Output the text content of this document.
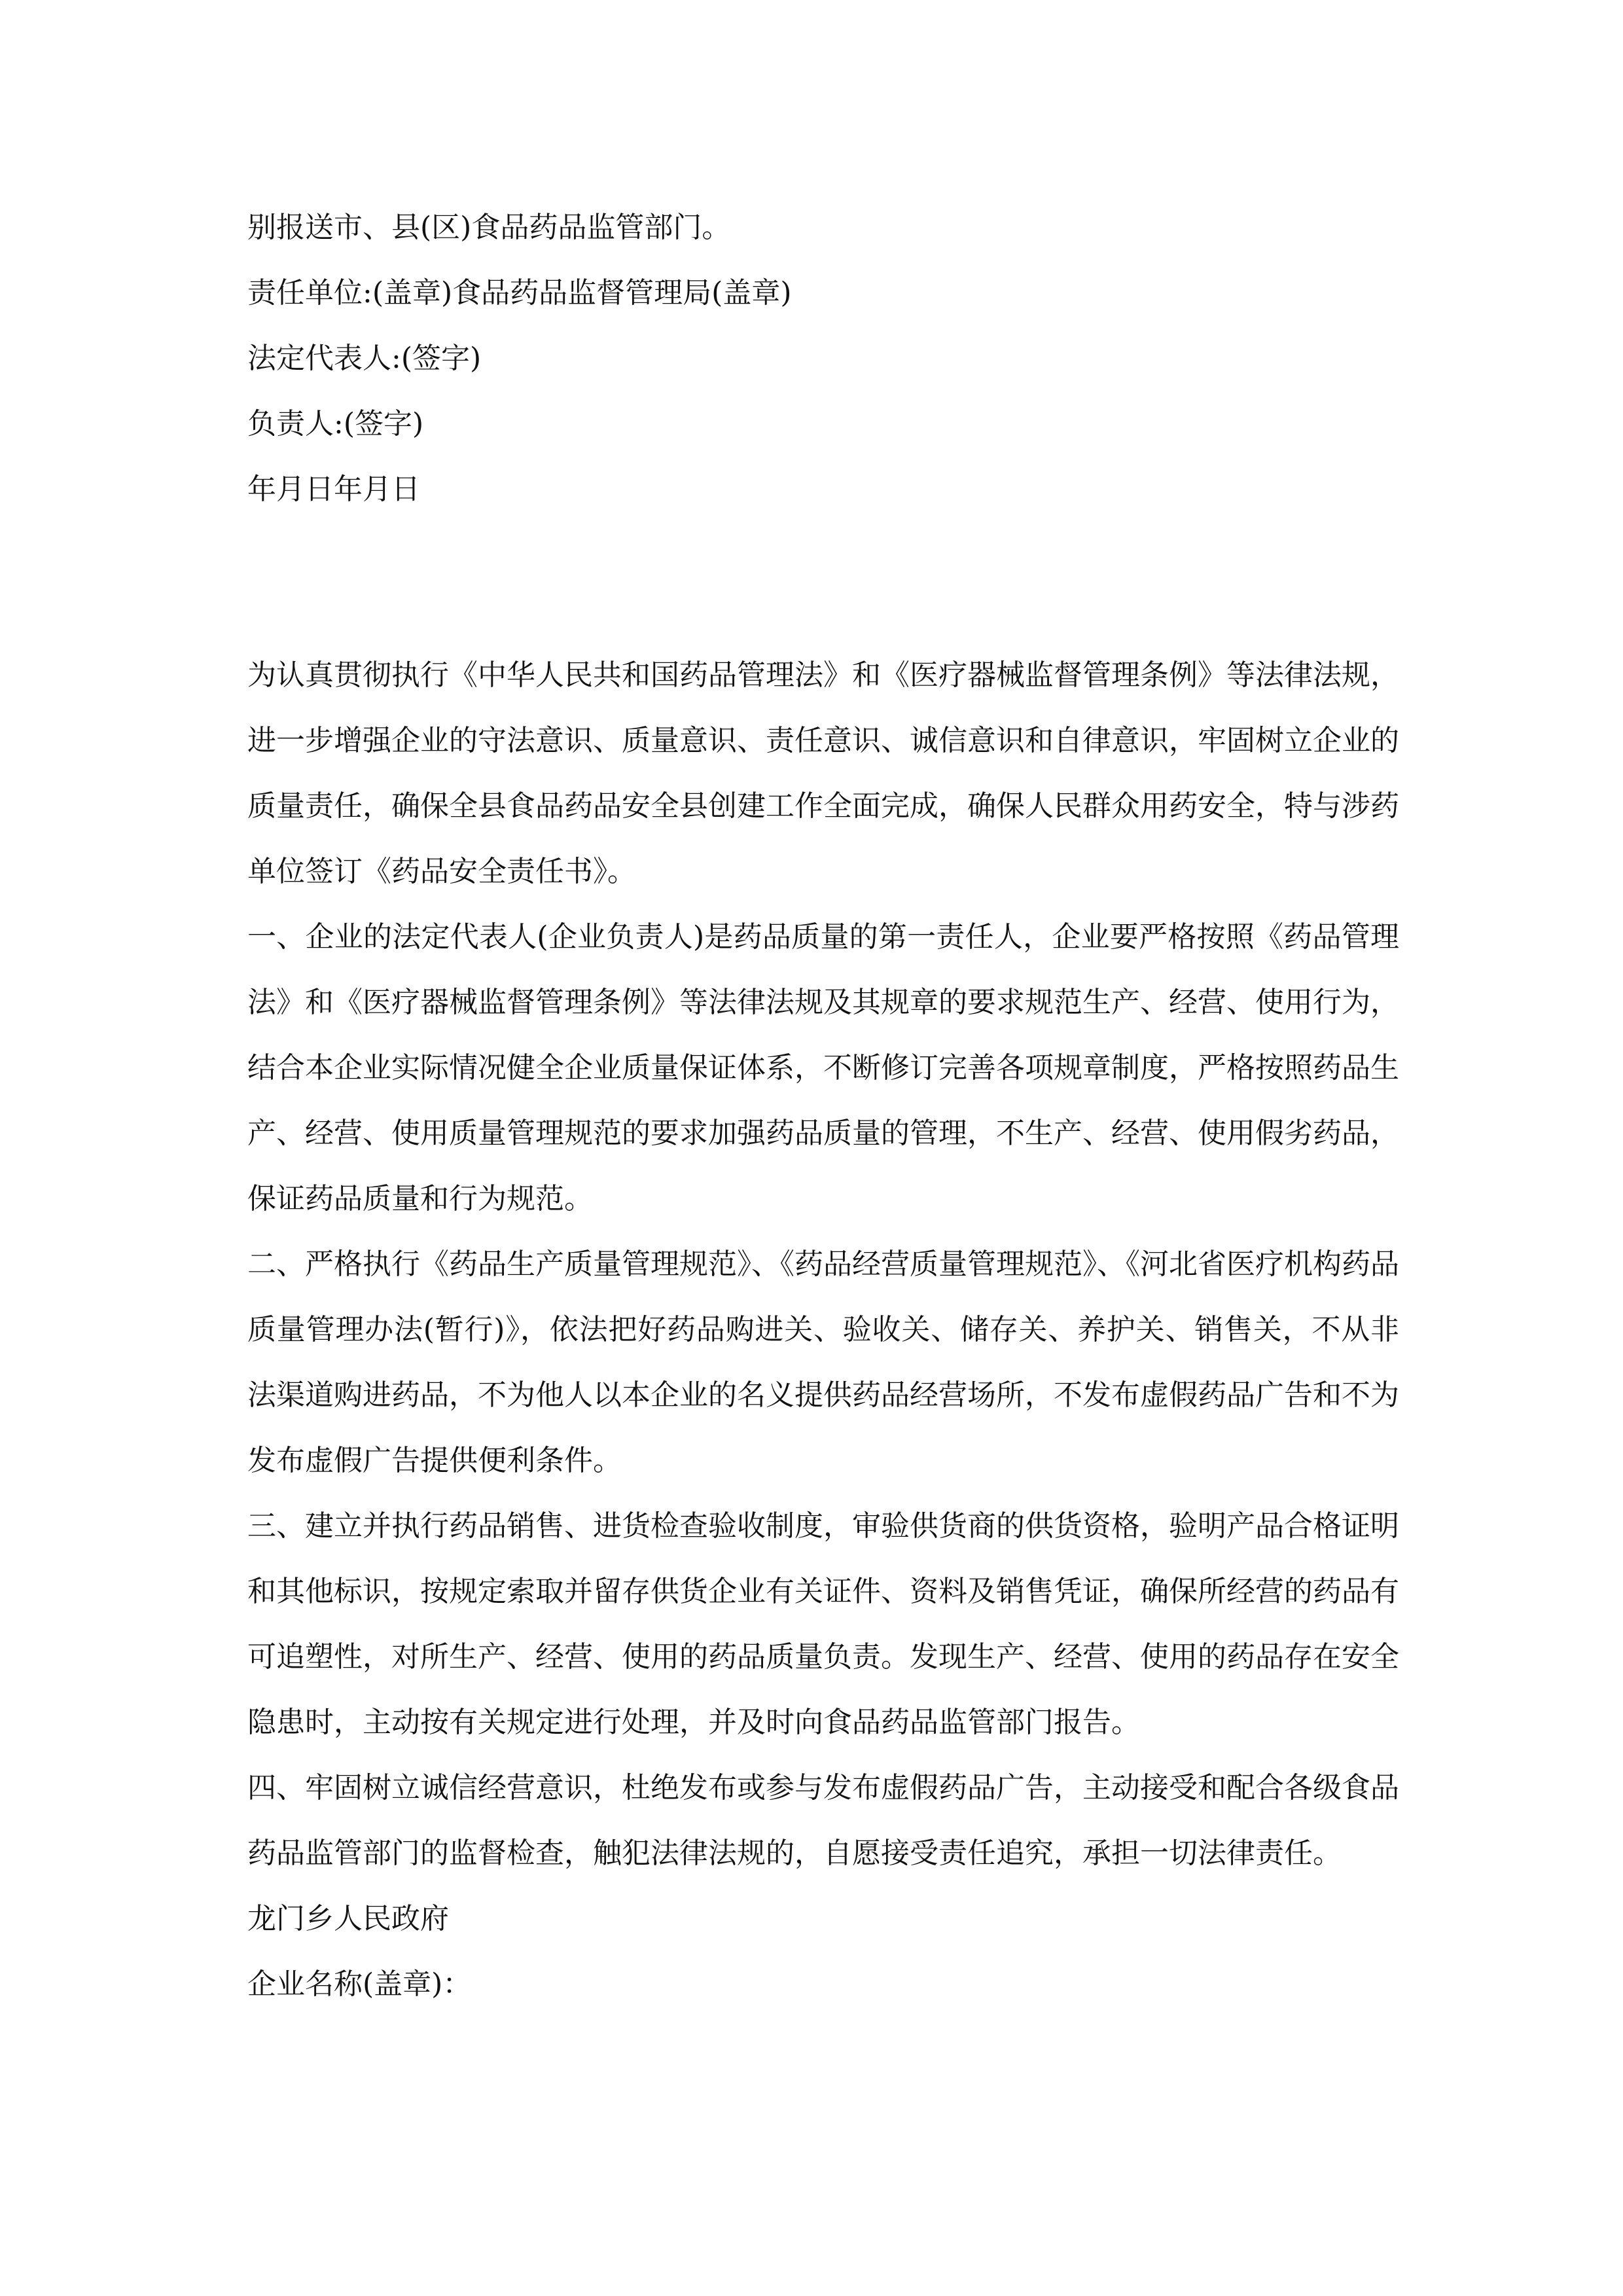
别报送市、县(区)食品药品监管部门。

责任单位:(盖章)食品药品监督管理局(盖章)

法定代表人:(签字)

负责人:(签字)

年月日年月日

为认真贯彻执行《中华人民共和国药品管理法》和《医疗器械监督管理条例》等法律法规，进一步增强企业的守法意识、质量意识、责任意识、诚信意识和自律意识，牢固树立企业的质量责任，确保全县食品药品安全县创建工作全面完成，确保人民群众用药安全，特与涉药单位签订《药品安全责任书》。

一、企业的法定代表人(企业负责人)是药品质量的第一责任人，企业要严格按照《药品管理法》和《医疗器械监督管理条例》等法律法规及其规章的要求规范生产、经营、使用行为，结合本企业实际情况健全企业质量保证体系，不断修订完善各项规章制度，严格按照药品生产、经营、使用质量管理规范的要求加强药品质量的管理，不生产、经营、使用假劣药品，保证药品质量和行为规范。

二、严格执行《药品生产质量管理规范》、《药品经营质量管理规范》、《河北省医疗机构药品质量管理办法(暂行)》，依法把好药品购进关、验收关、储存关、养护关、销售关，不从非法渠道购进药品，不为他人以本企业的名义提供药品经营场所，不发布虚假药品广告和不为发布虚假广告提供便利条件。

三、建立并执行药品销售、进货检查验收制度，审验供货商的供货资格，验明产品合格证明和其他标识，按规定索取并留存供货企业有关证件、资料及销售凭证，确保所经营的药品有可追塑性，对所生产、经营、使用的药品质量负责。发现生产、经营、使用的药品存在安全隐患时，主动按有关规定进行处理，并及时向食品药品监管部门报告。

四、牢固树立诚信经营意识，杜绝发布或参与发布虚假药品广告，主动接受和配合各级食品药品监管部门的监督检查，触犯法律法规的，自愿接受责任追究，承担一切法律责任。

龙门乡人民政府

企业名称(盖章)：
